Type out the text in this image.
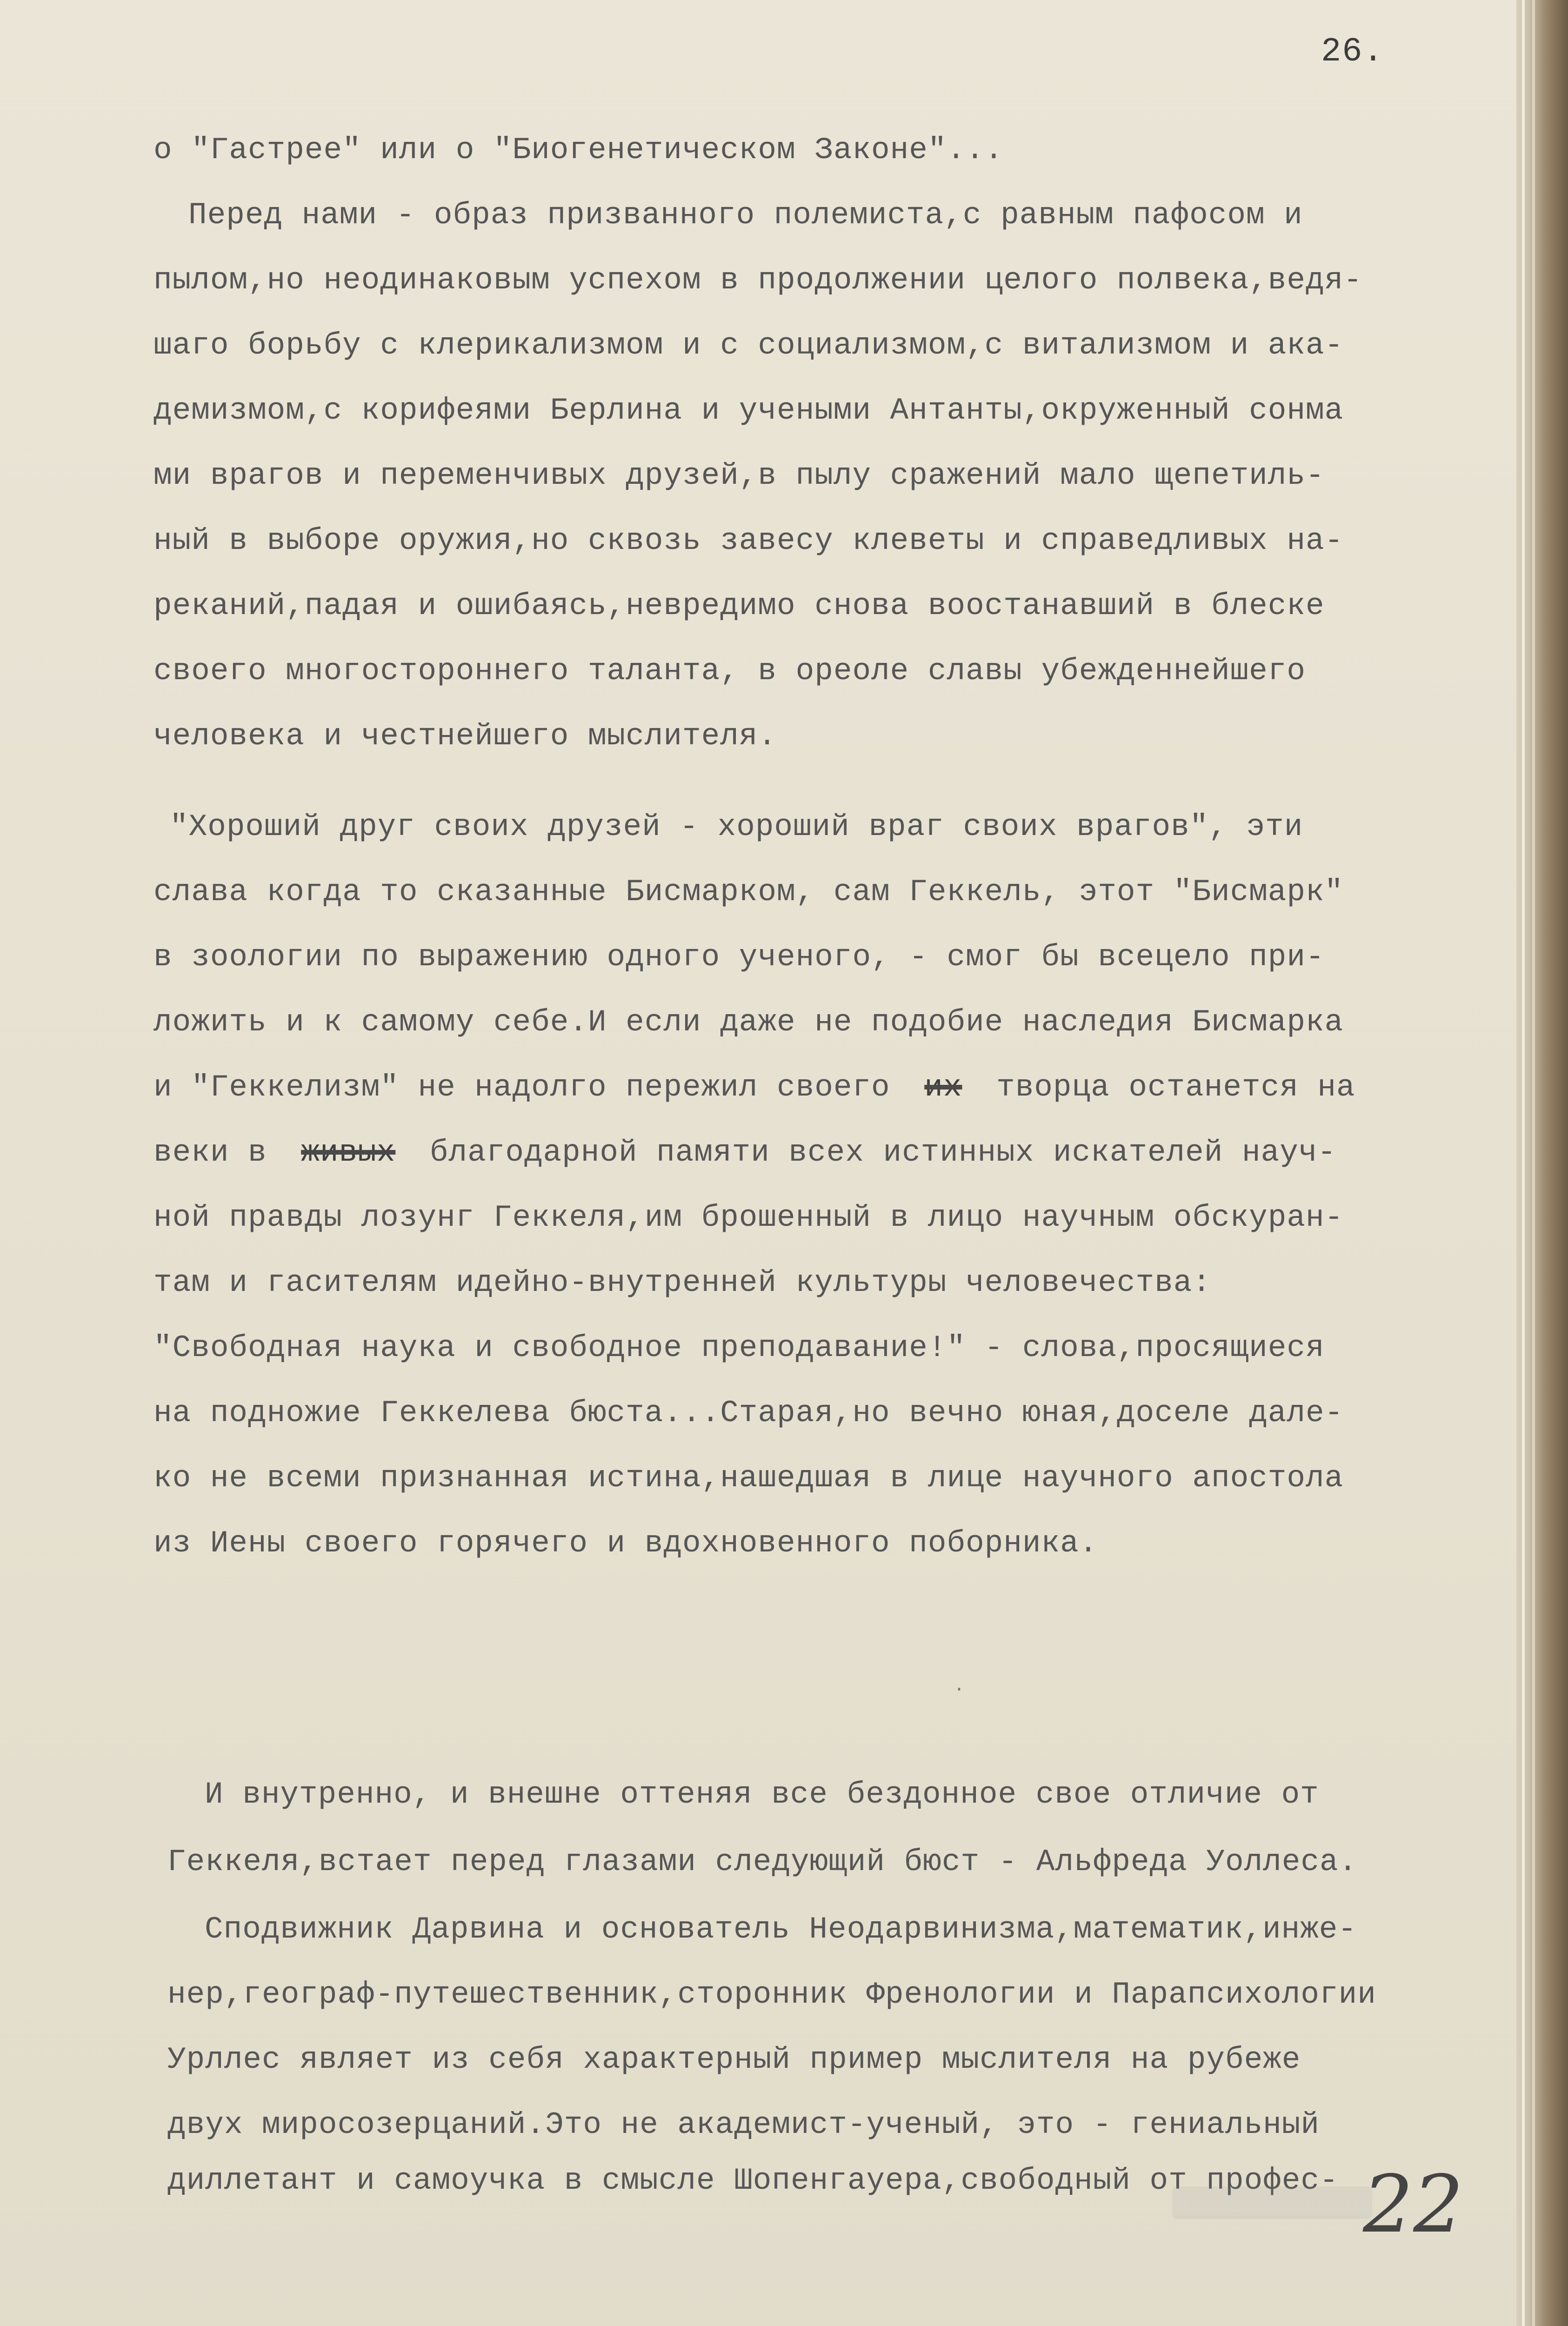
26.
о "Гастрее" или о "Биогенетическом Законе"...
Перед нами - образ призванного полемиста,с равным пафосом и
пылом,но неодинаковым успехом в продолжении целого полвека,ведя-
шаго борьбу с клерикализмом и с социализмом,с витализмом и ака-
демизмом,с корифеями Берлина и учеными Антанты,окруженный сонма
ми врагов и переменчивых друзей,в пылу сражений мало щепетиль-
ный в выборе оружия,но сквозь завесу клеветы и справедливых на-
реканий,падая и ошибаясь,невредимо снова воостанавший в блеске
своего многостороннего таланта, в ореоле славы убежденнейшего
человека и честнейшего мыслителя.
"Хороший друг своих друзей - хороший враг своих врагов", эти
слава когда то сказанные Бисмарком, сам Геккель, этот "Бисмарк"
в зоологии по выражению одного ученого, - смог бы всецело при-
ложить и к самому себе.И если даже не подобие наследия Бисмарка
и "Геккелизм" не надолго пережил своего их творца останется на
веки в живых благодарной памяти всех истинных искателей науч-
ной правды лозунг Геккеля,им брошенный в лицо научным обскуран-
там и гасителям идейно-внутренней культуры человечества:
"Свободная наука и свободное преподавание!" - слова,просящиеся
на подножие Геккелева бюста...Старая,но вечно юная,доселе дале-
ко не всеми признанная истина,нашедшая в лице научного апостола
из Иены своего горячего и вдохновенного поборника.
·
И внутренно, и внешне оттеняя все бездонное свое отличие от
Геккеля,встает перед глазами следующий бюст - Альфреда Уоллеса.
Сподвижник Дарвина и основатель Неодарвинизма,математик,инже-
нер,географ-путешественник,сторонник Френологии и Парапсихологии
Урллес являет из себя характерный пример мыслителя на рубеже
двух миросозерцаний.Это не академист-ученый, это - гениальный
диллетант и самоучка в смысле Шопенгауера,свободный от профес- 22
